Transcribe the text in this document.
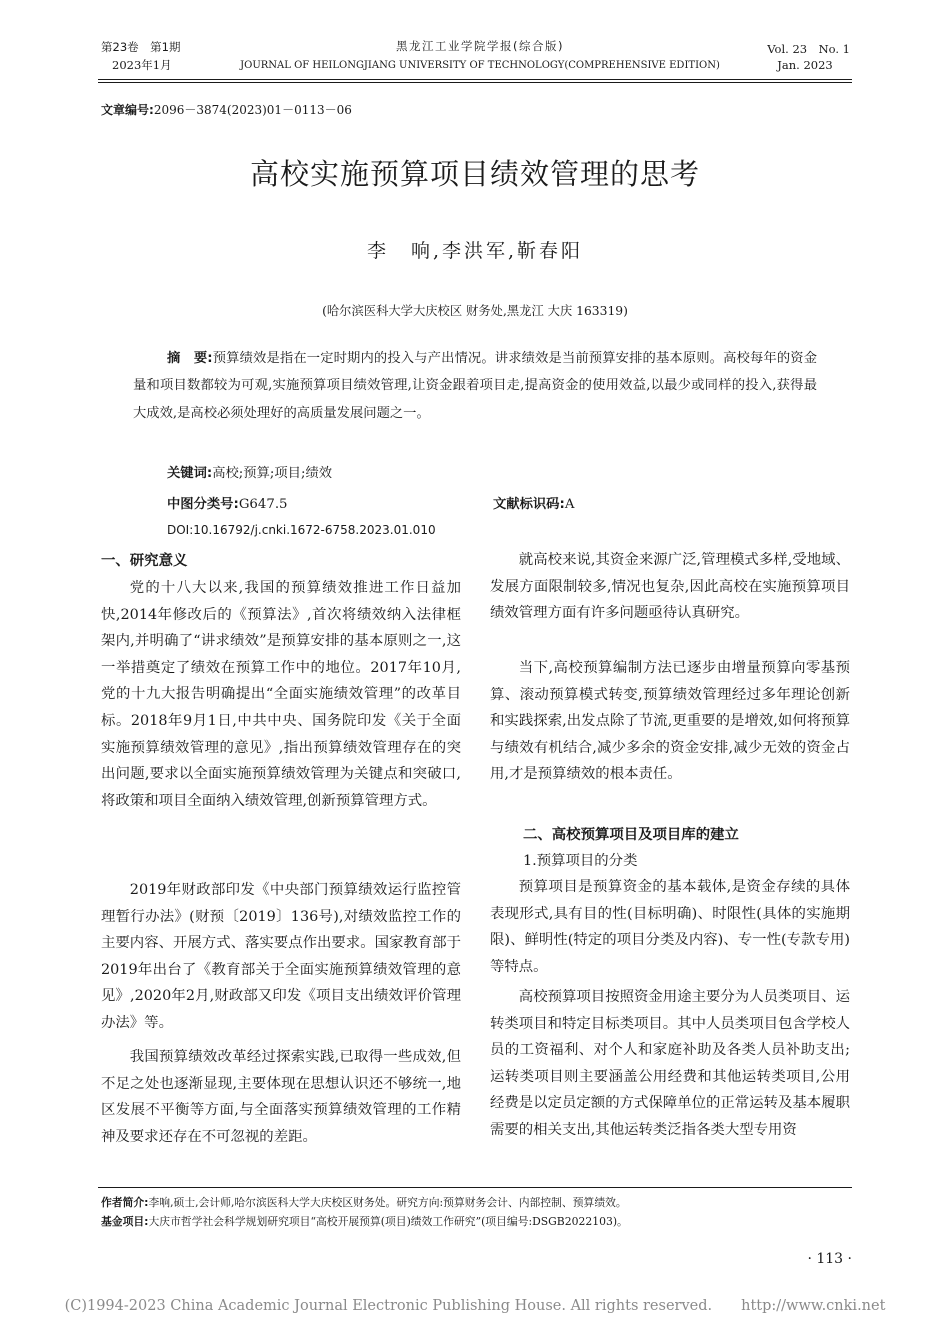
第23卷　第1期
2023年1月
黑龙江工业学院学报(综合版)
JOURNAL OF HEILONGJIANG UNIVERSITY OF TECHNOLOGY(COMPREHENSIVE EDITION)
Vol. 23　No. 1
Jan. 2023
文章编号:2096－3874(2023)01－0113－06
高校实施预算项目绩效管理的思考
李　响,李洪军,靳春阳
(哈尔滨医科大学大庆校区 财务处,黑龙江 大庆 163319)

摘　要:预算绩效是指在一定时期内的投入与产出情况。讲求绩效是当前预算安排的基本原则。高校每年的资金量和项目数都较为可观,实施预算项目绩效管理,让资金跟着项目走,提高资金的使用效益,以最少或同样的投入,获得最大成效,是高校必须处理好的高质量发展问题之一。

关键词:高校;预算;项目;绩效
中图分类号:G647.5	文献标识码:A
DOI:10.16792/j.cnki.1672-6758.2023.01.010
一、研究意义

党的十八大以来,我国的预算绩效推进工作日益加快,2014年修改后的《预算法》,首次将绩效纳入法律框架内,并明确了“讲求绩效”是预算安排的基本原则之一,这一举措奠定了绩效在预算工作中的地位。2017年10月,党的十九大报告明确提出“全面实施绩效管理”的改革目标。2018年9月1日,中共中央、国务院印发《关于全面实施预算绩效管理的意见》,指出预算绩效管理存在的突出问题,要求以全面实施预算绩效管理为关键点和突破口,将政策和项目全面纳入绩效管理,创新预算管理方式。

2019年财政部印发《中央部门预算绩效运行监控管理暂行办法》(财预〔2019〕136号),对绩效监控工作的主要内容、开展方式、落实要点作出要求。国家教育部于2019年出台了《教育部关于全面实施预算绩效管理的意见》,2020年2月,财政部又印发《项目支出绩效评价管理办法》等。

我国预算绩效改革经过探索实践,已取得一些成效,但不足之处也逐渐显现,主要体现在思想认识还不够统一,地区发展不平衡等方面,与全面落实预算绩效管理的工作精神及要求还存在不可忽视的差距。

就高校来说,其资金来源广泛,管理模式多样,受地域、发展方面限制较多,情况也复杂,因此高校在实施预算项目绩效管理方面有许多问题亟待认真研究。

当下,高校预算编制方法已逐步由增量预算向零基预算、滚动预算模式转变,预算绩效管理经过多年理论创新和实践探索,出发点除了节流,更重要的是增效,如何将预算与绩效有机结合,减少多余的资金安排,减少无效的资金占用,才是预算绩效的根本责任。

二、高校预算项目及项目库的建立
1.预算项目的分类

预算项目是预算资金的基本载体,是资金存续的具体表现形式,具有目的性(目标明确)、时限性(具体的实施期限)、鲜明性(特定的项目分类及内容)、专一性(专款专用)等特点。

高校预算项目按照资金用途主要分为人员类项目、运转类项目和特定目标类项目。其中人员类项目包含学校人员的工资福利、对个人和家庭补助及各类人员补助支出;运转类项目则主要涵盖公用经费和其他运转类项目,公用经费是以定员定额的方式保障单位的正常运转及基本履职需要的相关支出,其他运转类泛指各类大型专用资

作者简介:李响,硕士,会计师,哈尔滨医科大学大庆校区财务处。研究方向:预算财务会计、内部控制、预算绩效。
基金项目:大庆市哲学社会科学规划研究项目“高校开展预算(项目)绩效工作研究”(项目编号:DSGB2022103)。
· 113 ·
(C)1994-2023 China Academic Journal Electronic Publishing House. All rights reserved.　　http://www.cnki.net
